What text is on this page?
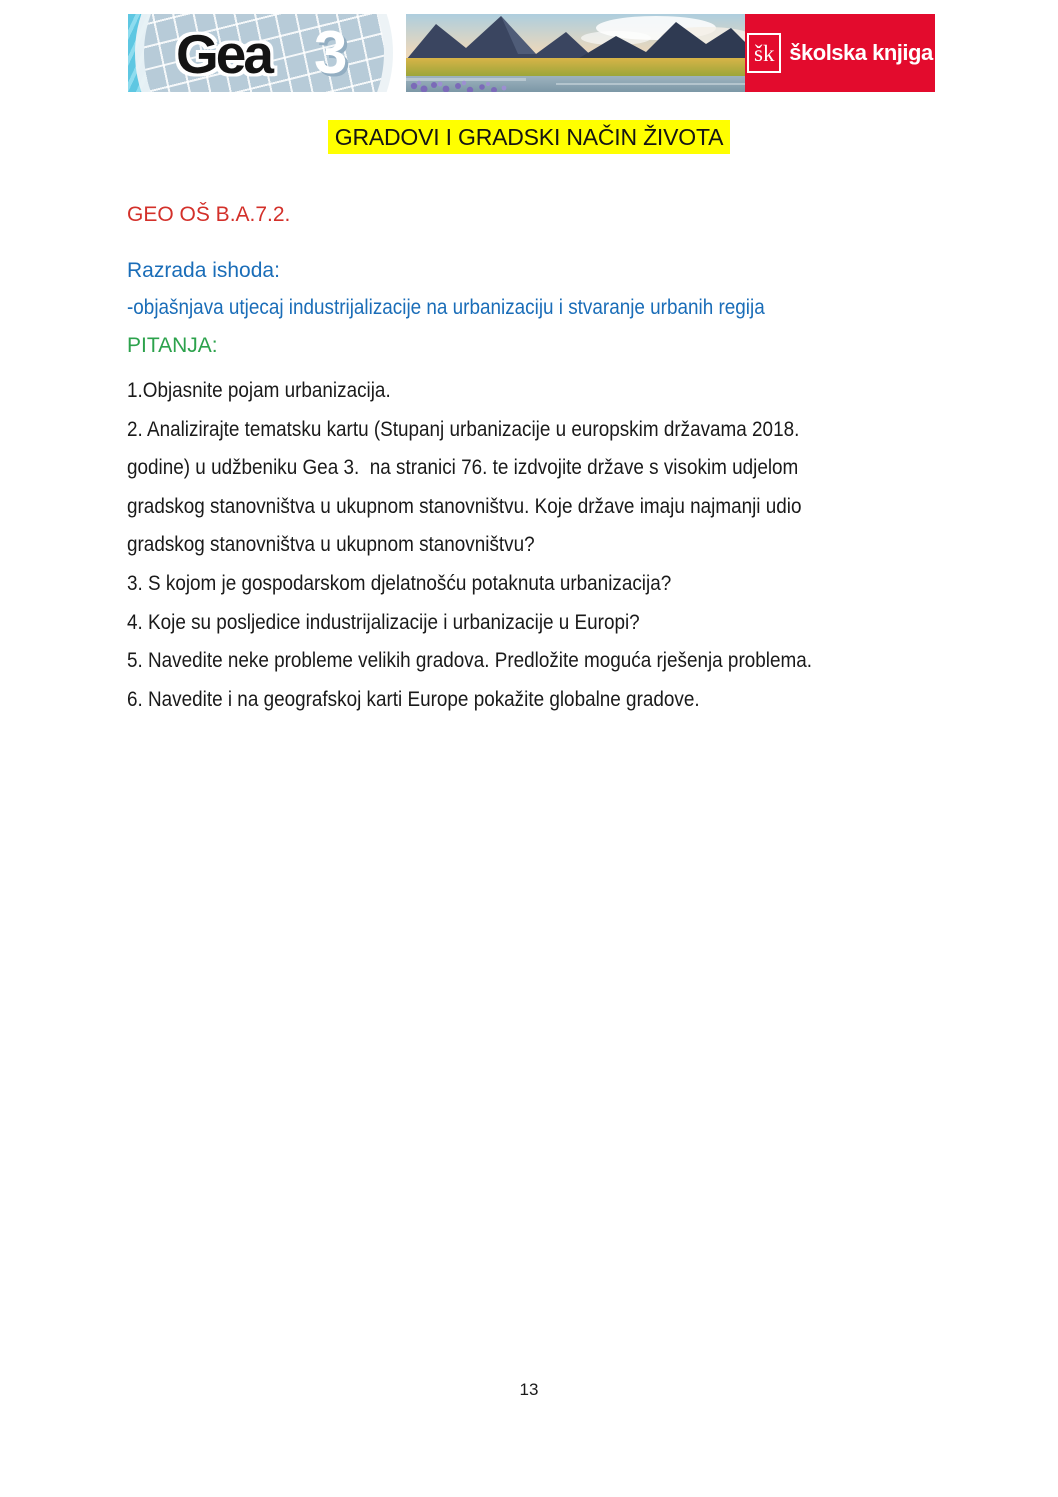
Gea 3	šk školska knjiga
GRADOVI I GRADSKI NAČIN ŽIVOTA

GEO OŠ B.A.7.2.

Razrada ishoda:

-objašnjava utjecaj industrijalizacije na urbanizaciju i stvaranje urbanih regija

PITANJA:

1.Objasnite pojam urbanizacija.

2. Analizirajte tematsku kartu (Stupanj urbanizacije u europskim državama 2018.

godine) u udžbeniku Gea 3.  na stranici 76. te izdvojite države s visokim udjelom

gradskog stanovništva u ukupnom stanovništvu. Koje države imaju najmanji udio

gradskog stanovništva u ukupnom stanovništvu?

3. S kojom je gospodarskom djelatnošću potaknuta urbanizacija?

4. Koje su posljedice industrijalizacije i urbanizacije u Europi?

5. Navedite neke probleme velikih gradova. Predložite moguća rješenja problema.

6. Navedite i na geografskoj karti Europe pokažite globalne gradove.

13
